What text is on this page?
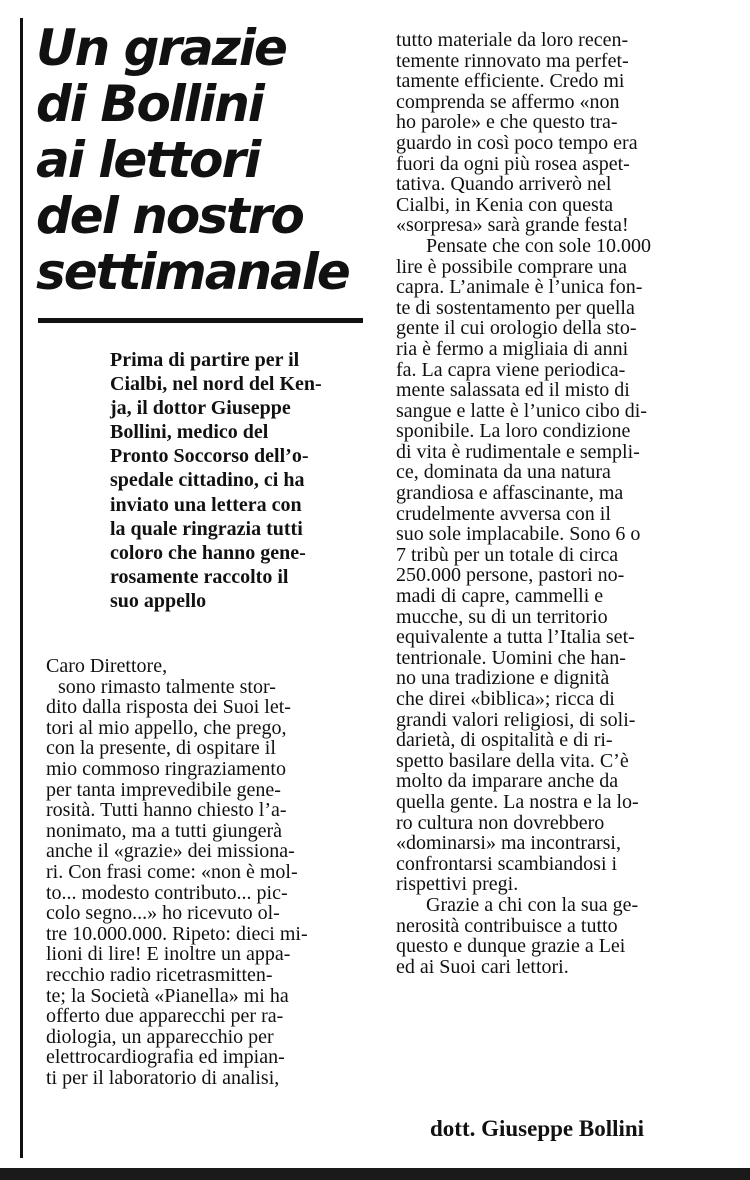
Un grazie
di Bollini
ai lettori
del nostro
settimanale

Prima di partire per il
Cialbi, nel nord del Ken-
ja, il dottor Giuseppe
Bollini, medico del
Pronto Soccorso dell’o-
spedale cittadino, ci ha
inviato una lettera con
la quale ringrazia tutti
coloro che hanno gene-
rosamente raccolto il
suo appello

Caro Direttore,
sono rimasto talmente stor-
dito dalla risposta dei Suoi let-
tori al mio appello, che prego,
con la presente, di ospitare il
mio commoso ringraziamento
per tanta imprevedibile gene-
rosità. Tutti hanno chiesto l’a-
nonimato, ma a tutti giungerà
anche il «grazie» dei missiona-
ri. Con frasi come: «non è mol-
to... modesto contributo... pic-
colo segno...» ho ricevuto ol-
tre 10.000.000. Ripeto: dieci mi-
lioni di lire! E inoltre un appa-
recchio radio ricetrasmitten-
te; la Società «Pianella» mi ha
offerto due apparecchi per ra-
diologia, un apparecchio per
elettrocardiografia ed impian-
ti per il laboratorio di analisi,
tutto materiale da loro recen-
temente rinnovato ma perfet-
tamente efficiente. Credo mi
comprenda se affermo «non
ho parole» e che questo tra-
guardo in così poco tempo era
fuori da ogni più rosea aspet-
tativa. Quando arriverò nel
Cialbi, in Kenia con questa
«sorpresa» sarà grande festa!
Pensate che con sole 10.000
lire è possibile comprare una
capra. L’animale è l’unica fon-
te di sostentamento per quella
gente il cui orologio della sto-
ria è fermo a migliaia di anni
fa. La capra viene periodica-
mente salassata ed il misto di
sangue e latte è l’unico cibo di-
sponibile. La loro condizione
di vita è rudimentale e sempli-
ce, dominata da una natura
grandiosa e affascinante, ma
crudelmente avversa con il
suo sole implacabile. Sono 6 o
7 tribù per un totale di circa
250.000 persone, pastori no-
madi di capre, cammelli e
mucche, su di un territorio
equivalente a tutta l’Italia set-
tentrionale. Uomini che han-
no una tradizione e dignità
che direi «biblica»; ricca di
grandi valori religiosi, di soli-
darietà, di ospitalità e di ri-
spetto basilare della vita. C’è
molto da imparare anche da
quella gente. La nostra e la lo-
ro cultura non dovrebbero
«dominarsi» ma incontrarsi,
confrontarsi scambiandosi i
rispettivi pregi.
Grazie a chi con la sua ge-
nerosità contribuisce a tutto
questo e dunque grazie a Lei
ed ai Suoi cari lettori.

dott. Giuseppe Bollini
